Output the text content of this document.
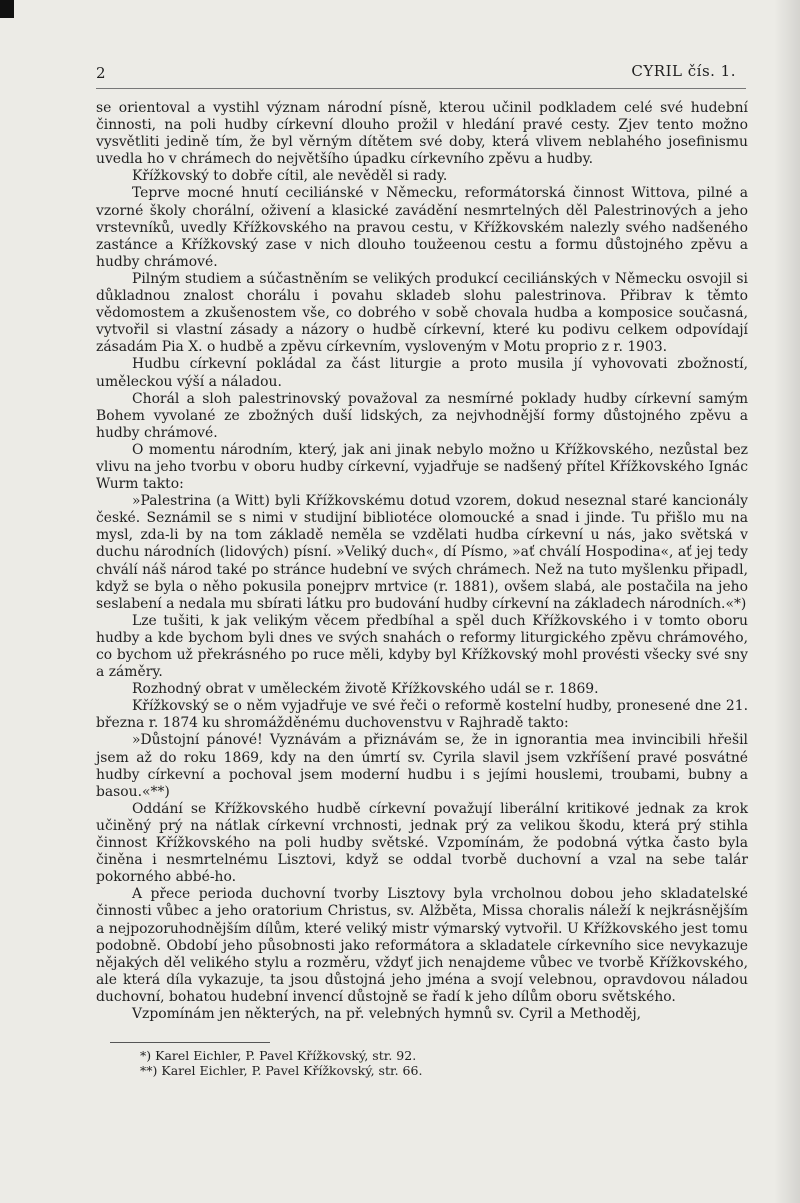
2	CYRIL čís. 1.

se orientoval a vystihl význam národní písně, kterou učinil podkladem celé své hudební činnosti, na poli hudby církevní dlouho prožil v hledání pravé cesty. Zjev tento možno vysvětliti jedině tím, že byl věrným dítětem své doby, která vlivem neblahého josefinismu uvedla ho v chrámech do největšího úpadku církevního zpěvu a hudby.

Křížkovský to dobře cítil, ale nevěděl si rady.

Teprve mocné hnutí ceciliánské v Německu, reformátorská činnost Wittova, pilné a vzorné školy chorální, oživení a klasické zavádění nesmrtelných děl Palestrinových a jeho vrstevníků, uvedly Křížkovského na pravou cestu, v Křížkovském nalezly svého nadšeného zastánce a Křížkovský zase v nich dlouho toužeenou cestu a formu důstojného zpěvu a hudby chrámové.

Pilným studiem a súčastněním se velikých produkcí ceciliánských v Německu osvojil si důkladnou znalost chorálu i povahu skladeb slohu palestrinova. Přibrav k těmto vědomostem a zkušenostem vše, co dobrého v sobě chovala hudba a komposice současná, vytvořil si vlastní zásady a názory o hudbě církevní, které ku podivu celkem odpovídají zásadám Pia X. o hudbě a zpěvu církevním, vysloveným v Motu proprio z r. 1903.

Hudbu církevní pokládal za část liturgie a proto musila jí vyhovovati zbožností, uměleckou výší a náladou.

Chorál a sloh palestrinovský považoval za nesmírné poklady hudby církevní samým Bohem vyvolané ze zbožných duší lidských, za nejvhodnější formy důstojného zpěvu a hudby chrámové.

O momentu národním, který, jak ani jinak nebylo možno u Křížkovského, nezůstal bez vlivu na jeho tvorbu v oboru hudby církevní, vyjadřuje se nadšený přítel Křížkovského Ignác Wurm takto:

»Palestrina (a Witt) byli Křížkovskému dotud vzorem, dokud neseznal staré kancionály české. Seznámil se s nimi v studijní bibliotéce olomoucké a snad i jinde. Tu přišlo mu na mysl, zda-li by na tom základě neměla se vzdělati hudba církevní u nás, jako světská v duchu národních (lidových) písní. »Veliký duch«, dí Písmo, »ať chválí Hospodina«, ať jej tedy chválí náš národ také po stránce hudební ve svých chrámech. Než na tuto myšlenku připadl, když se byla o něho pokusila ponejprv mrtvice (r. 1881), ovšem slabá, ale postačila na jeho seslabení a nedala mu sbírati látku pro budování hudby církevní na základech národních.«*)

Lze tušiti, k jak velikým věcem předbíhal a spěl duch Křížkovského i v tomto oboru hudby a kde bychom byli dnes ve svých snahách o reformy liturgického zpěvu chrámového, co bychom už překrásného po ruce měli, kdyby byl Křížkovský mohl provésti všecky své sny a záměry.

Rozhodný obrat v uměleckém životě Křížkovského udál se r. 1869.

Křížkovský se o něm vyjadřuje ve své řeči o reformě kostelní hudby, pronesené dne 21. března r. 1874 ku shromážděnému duchovenstvu v Rajhradě takto:

»Důstojní pánové! Vyznávám a přiznávám se, že in ignorantia mea invincibili hřešil jsem až do roku 1869, kdy na den úmrtí sv. Cyrila slavil jsem vzkříšení pravé posvátné hudby církevní a pochoval jsem moderní hudbu i s jejími houslemi, troubami, bubny a basou.«**)

Oddání se Křížkovského hudbě církevní považují liberální kritikové jednak za krok učiněný prý na nátlak církevní vrchnosti, jednak prý za velikou škodu, která prý stihla činnost Křížkovského na poli hudby světské. Vzpomínám, že podobná výtka často byla činěna i nesmrtelnému Lisztovi, když se oddal tvorbě duchovní a vzal na sebe talár pokorného abbé-ho.

A přece perioda duchovní tvorby Lisztovy byla vrcholnou dobou jeho skladatelské činnosti vůbec a jeho oratorium Christus, sv. Alžběta, Missa choralis náleží k nejkrásnějším a nejpozoruhodnějším dílům, které veliký mistr výmarský vytvořil. U Křížkovského jest tomu podobně. Období jeho působnosti jako reformátora a skladatele církevního sice nevykazuje nějakých děl velikého stylu a rozměru, vždyť jich nenajdeme vůbec ve tvorbě Křížkovského, ale která díla vykazuje, ta jsou důstojná jeho jména a svojí velebnou, opravdovou náladou duchovní, bohatou hudební invencí důstojně se řadí k jeho dílům oboru světského.

Vzpomínám jen některých, na př. velebných hymnů sv. Cyril a Methoděj,

*) Karel Eichler, P. Pavel Křížkovský, str. 92.

**) Karel Eichler, P. Pavel Křížkovský, str. 66.
